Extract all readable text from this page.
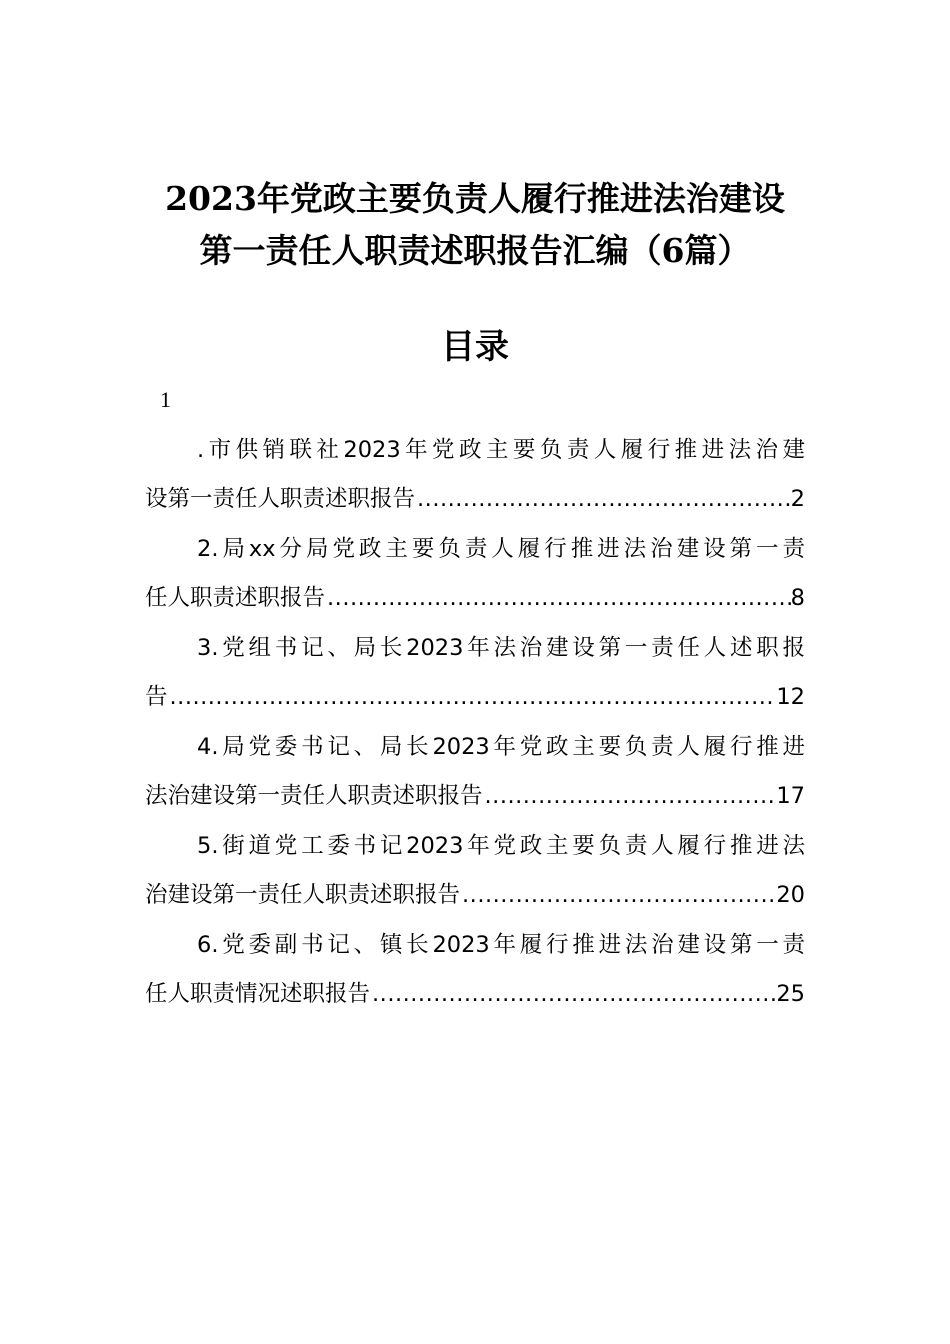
2023年党政主要负责人履行推进法治建设
第一责任人职责述职报告汇编（6篇）
目录
1
.市供销联社2023年党政主要负责人履行推进法治建
设第一责任人职责述职报告 .....	2
2.局xx分局党政主要负责人履行推进法治建设第一责
任人职责述职报告 .....	8
3.党组书记、局长2023年法治建设第一责任人述职报
告 .....	12
4.局党委书记、局长2023年党政主要负责人履行推进
法治建设第一责任人职责述职报告 .....	17
5.街道党工委书记2023年党政主要负责人履行推进法
治建设第一责任人职责述职报告 .....	20
6.党委副书记、镇长2023年履行推进法治建设第一责
任人职责情况述职报告 .....	25
